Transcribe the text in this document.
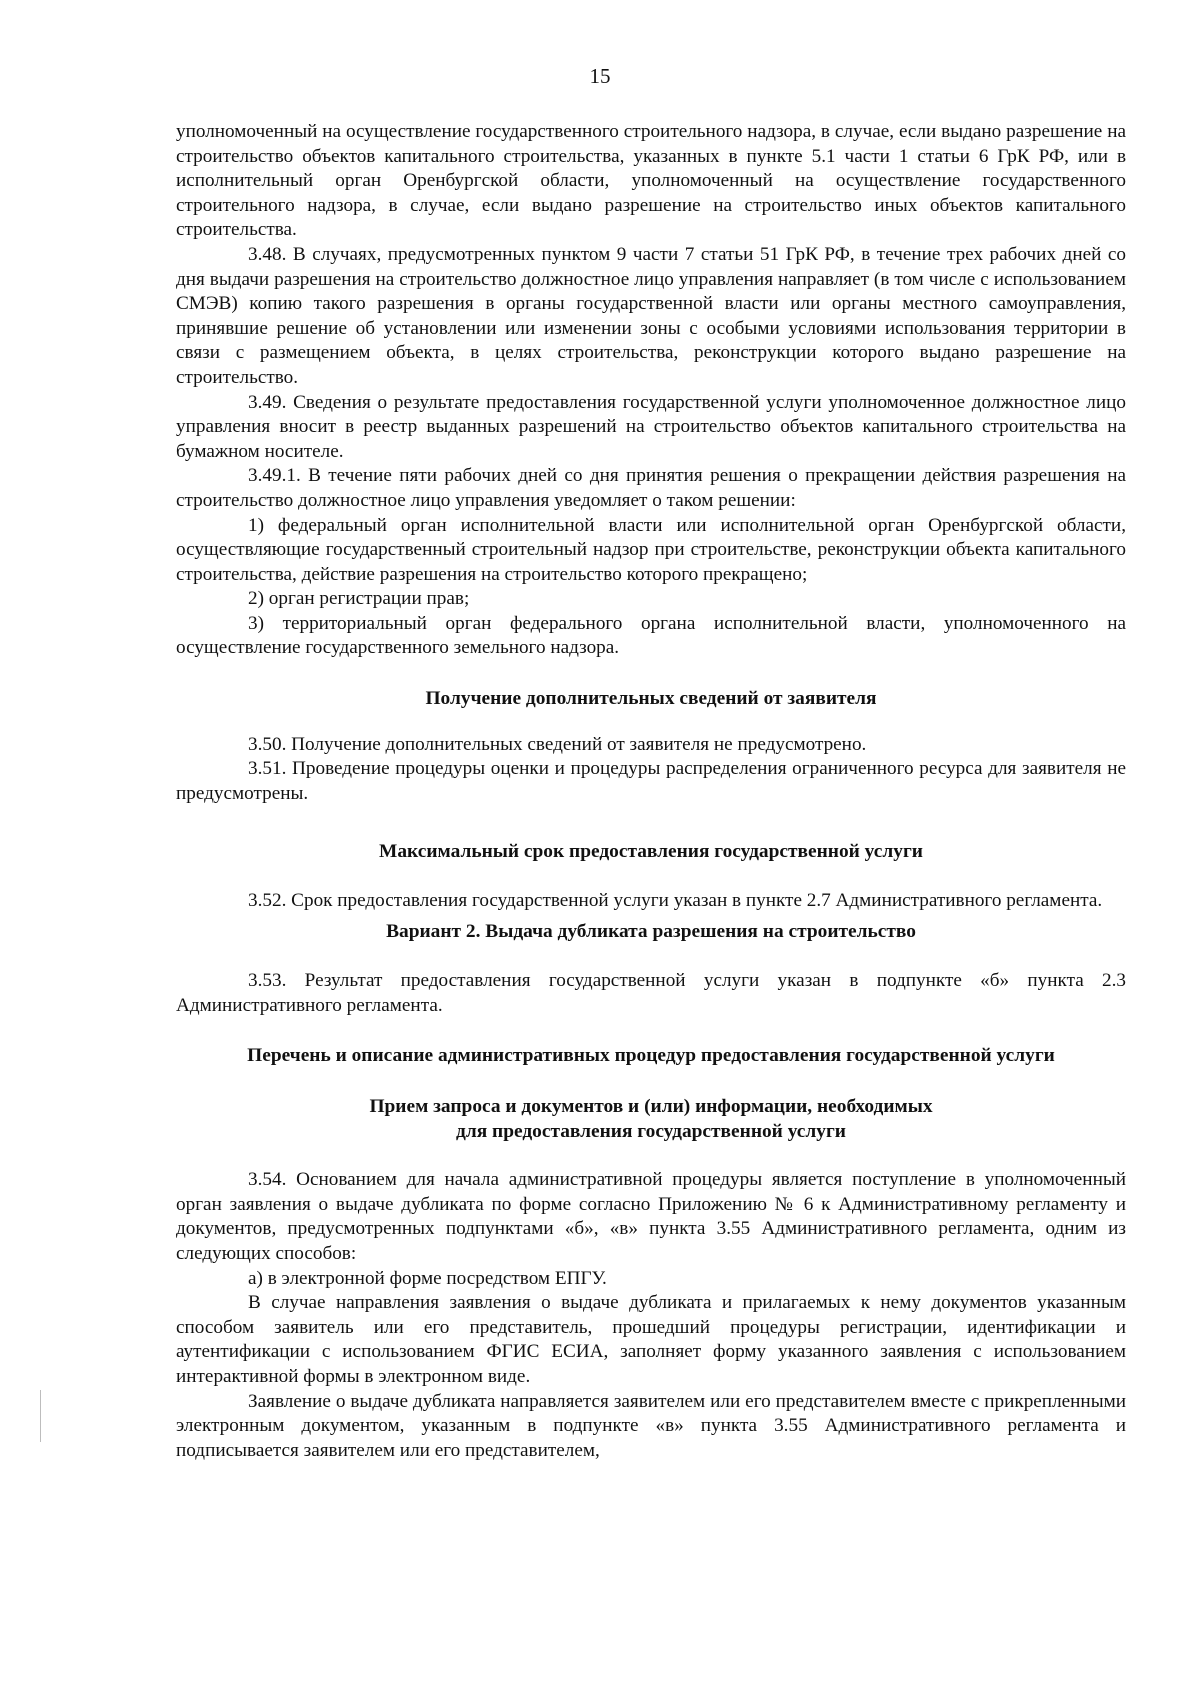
15

уполномоченный на осуществление государственного строительного надзора, в случае, если выдано разрешение на строительство объектов капитального строительства, указанных в пункте 5.1 части 1 статьи 6 ГрК РФ, или в исполнительный орган Оренбургской области, уполномоченный на осуществление государственного строительного надзора, в случае, если выдано разрешение на строительство иных объектов капитального строительства.

3.48. В случаях, предусмотренных пунктом 9 части 7 статьи 51 ГрК РФ, в течение трех рабочих дней со дня выдачи разрешения на строительство должностное лицо управления направляет (в том числе с использованием СМЭВ) копию такого разрешения в органы государственной власти или органы местного самоуправления, принявшие решение об установлении или изменении зоны с особыми условиями использования территории в связи с размещением объекта, в целях строительства, реконструкции которого выдано разрешение на строительство.

3.49. Сведения о результате предоставления государственной услуги уполномоченное должностное лицо управления вносит в реестр выданных разрешений на строительство объектов капитального строительства на бумажном носителе.

3.49.1. В течение пяти рабочих дней со дня принятия решения о прекращении действия разрешения на строительство должностное лицо управления уведомляет о таком решении:

1) федеральный орган исполнительной власти или исполнительной орган Оренбургской области, осуществляющие государственный строительный надзор при строительстве, реконструкции объекта капитального строительства, действие разрешения на строительство которого прекращено;

2) орган регистрации прав;

3) территориальный орган федерального органа исполнительной власти, уполномоченного на осуществление государственного земельного надзора.

Получение дополнительных сведений от заявителя

3.50. Получение дополнительных сведений от заявителя не предусмотрено.

3.51. Проведение процедуры оценки и процедуры распределения ограниченного ресурса для заявителя не предусмотрены.

Максимальный срок предоставления государственной услуги

3.52. Срок предоставления государственной услуги указан в пункте 2.7 Административного регламента.

Вариант 2. Выдача дубликата разрешения на строительство

3.53. Результат предоставления государственной услуги указан в подпункте «б» пункта 2.3 Административного регламента.

Перечень и описание административных процедур предоставления государственной услуги
Прием запроса и документов и (или) информации, необходимых
для предоставления государственной услуги

3.54. Основанием для начала административной процедуры является поступление в уполномоченный орган заявления о выдаче дубликата по форме согласно Приложению № 6 к Административному регламенту и документов, предусмотренных подпунктами «б», «в» пункта 3.55 Административного регламента, одним из следующих способов:

а) в электронной форме посредством ЕПГУ.

В случае направления заявления о выдаче дубликата и прилагаемых к нему документов указанным способом заявитель или его представитель, прошедший процедуры регистрации, идентификации и аутентификации с использованием ФГИС ЕСИА, заполняет форму указанного заявления с использованием интерактивной формы в электронном виде.

Заявление о выдаче дубликата направляется заявителем или его представителем вместе с прикрепленными электронным документом, указанным в подпункте «в» пункта 3.55 Административного регламента и подписывается заявителем или его представителем,
